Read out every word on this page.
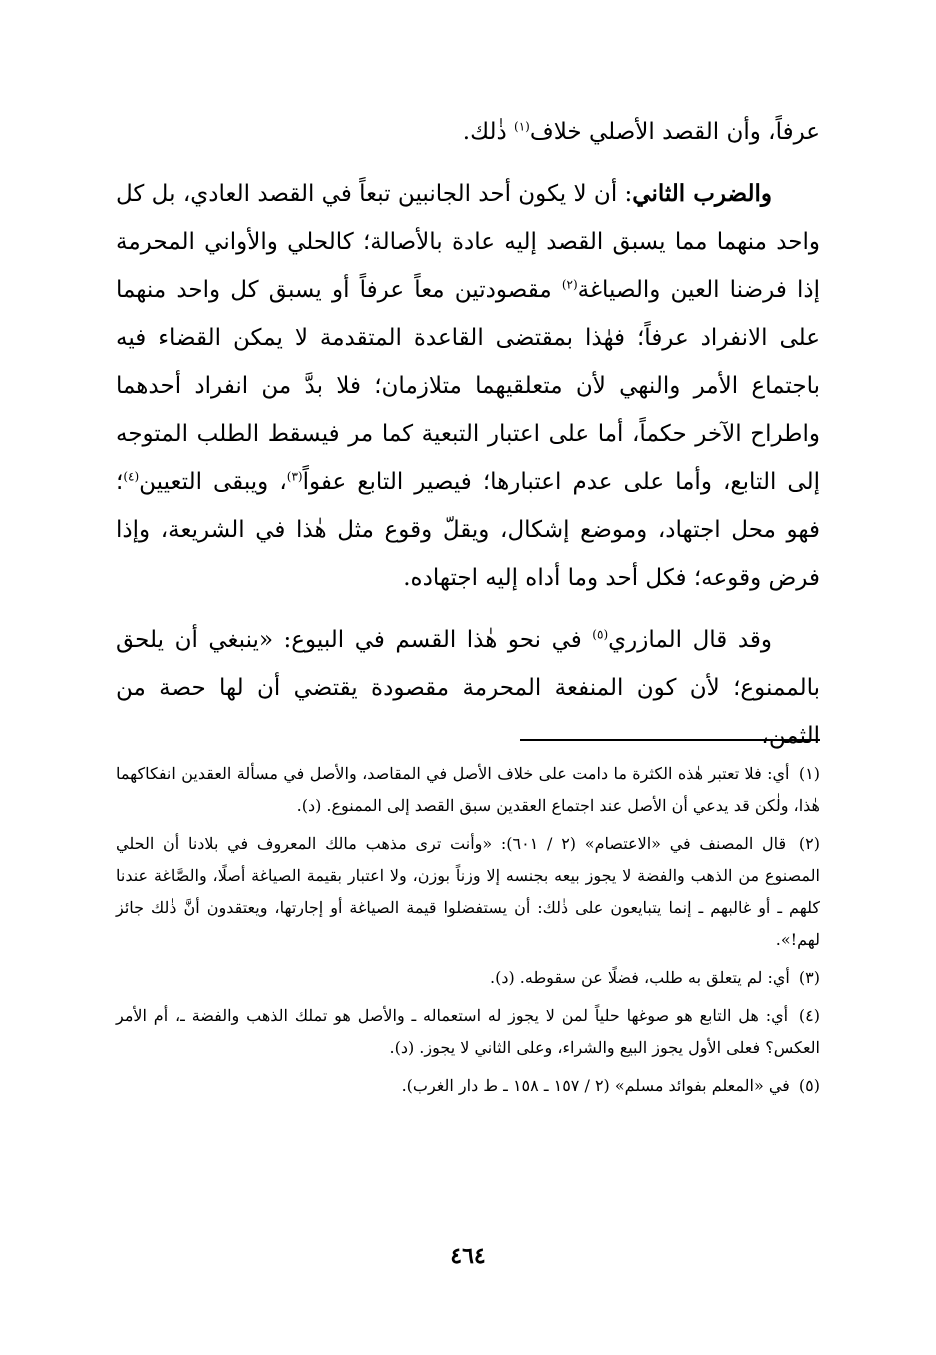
عرفاً، وأن القصد الأصلي خلاف$^{(١)}$ ذٰلك.

والضرب الثاني: أن لا يكون أحد الجانبين تبعاً في القصد العادي، بل كل واحد منهما مما يسبق القصد إليه عادة بالأصالة؛ كالحلي والأواني المحرمة إذا فرضنا العين والصياغة$^{(٢)}$ مقصودتين معاً عرفاً أو يسبق كل واحد منهما على الانفراد عرفاً؛ فهٰذا بمقتضى القاعدة المتقدمة لا يمكن القضاء فيه باجتماع الأمر والنهي لأن متعلقيهما متلازمان؛ فلا بدَّ من انفراد أحدهما واطراح الآخر حكماً، أما على اعتبار التبعية كما مر فيسقط الطلب المتوجه إلى التابع، وأما على عدم اعتبارها؛ فيصير التابع عفواً$^{(٣)}$، ويبقى التعيين$^{(٤)}$؛ فهو محل اجتهاد، وموضع إشكال، ويقلّ وقوع مثل هٰذا في الشريعة، وإذا فرض وقوعه؛ فكل أحد وما أداه إليه اجتهاده.

وقد قال المازري$^{(٥)}$ في نحو هٰذا القسم في البيوع: «ينبغي أن يلحق بالممنوع؛ لأن كون المنفعة المحرمة مقصودة يقتضي أن لها حصة من الثمن،

(١) أي: فلا تعتبر هٰذه الكثرة ما دامت على خلاف الأصل في المقاصد، والأصل في مسألة العقدين انفكاكهما هٰذا، ولٰكن قد يدعي أن الأصل عند اجتماع العقدين سبق القصد إلى الممنوع. (د).

(٢) قال المصنف في «الاعتصام» (٢ / ٦٠١): «وأنت ترى مذهب مالك المعروف في بلادنا أن الحلي المصنوع من الذهب والفضة لا يجوز بيعه بجنسه إلا وزناً بوزن، ولا اعتبار بقيمة الصياغة أصلًا، والصَّاغة عندنا كلهم ـ أو غالبهم ـ إنما يتبايعون على ذٰلك: أن يستفضلوا قيمة الصياغة أو إجارتها، ويعتقدون أنَّ ذٰلك جائز لهم!».

(٣) أي: لم يتعلق به طلب، فضلًا عن سقوطه. (د).

(٤) أي: هل التابع هو صوغها حلياً لمن لا يجوز له استعماله ـ والأصل هو تملك الذهب والفضة ـ، أم الأمر العكس؟ فعلى الأول يجوز البيع والشراء، وعلى الثاني لا يجوز. (د).

(٥) في «المعلم بفوائد مسلم» (٢ / ١٥٧ ـ ١٥٨ ـ ط دار الغرب).

٤٦٤
